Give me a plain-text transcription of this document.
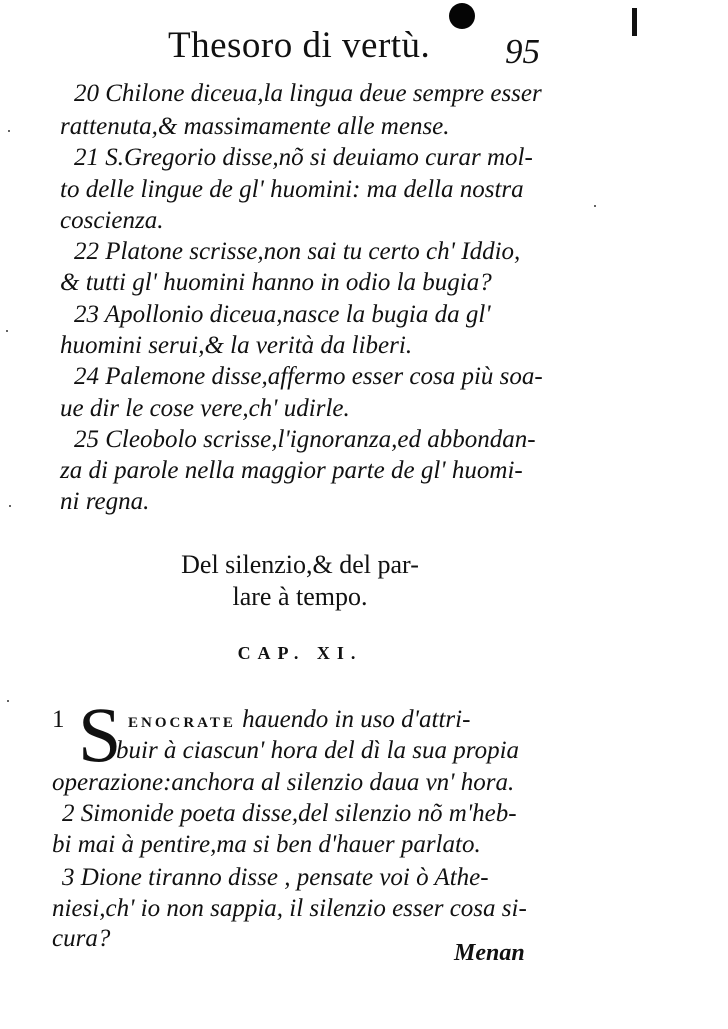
Thesoro di vertù. 95
20 Chilone diceua,la lingua deue sempre esser
rattenuta,& massimamente alle mense.
21 S.Gregorio disse,nõ si deuiamo curar mol-
to delle lingue de gl' huomini: ma della nostra
coscienza.
22 Platone scrisse,non sai tu certo ch' Iddio,
& tutti gl' huomini hanno in odio la bugia?
23 Apollonio diceua,nasce la bugia da gl'
huomini serui,& la verità da liberi.
24 Palemone disse,affermo esser cosa più soa-
ue dir le cose vere,ch' udirle.
25 Cleobolo scrisse,l'ignoranza,ed abbondan-
za di parole nella maggior parte de gl' huomi-
ni regna.
Del silenzio,& del par-
lare à tempo.
CAP. XI.
1 S ENOCRATE hauendo in uso d'attri-
buir à ciascun' hora del dì la sua propia
operazione:anchora al silenzio daua vn' hora.
2 Simonide poeta disse,del silenzio nõ m'heb-
bi mai à pentire,ma si ben d'hauer parlato.
3 Dione tiranno disse , pensate voi ò Athe-
niesi,ch' io non sappia, il silenzio esser cosa si-
cura?
Menan
